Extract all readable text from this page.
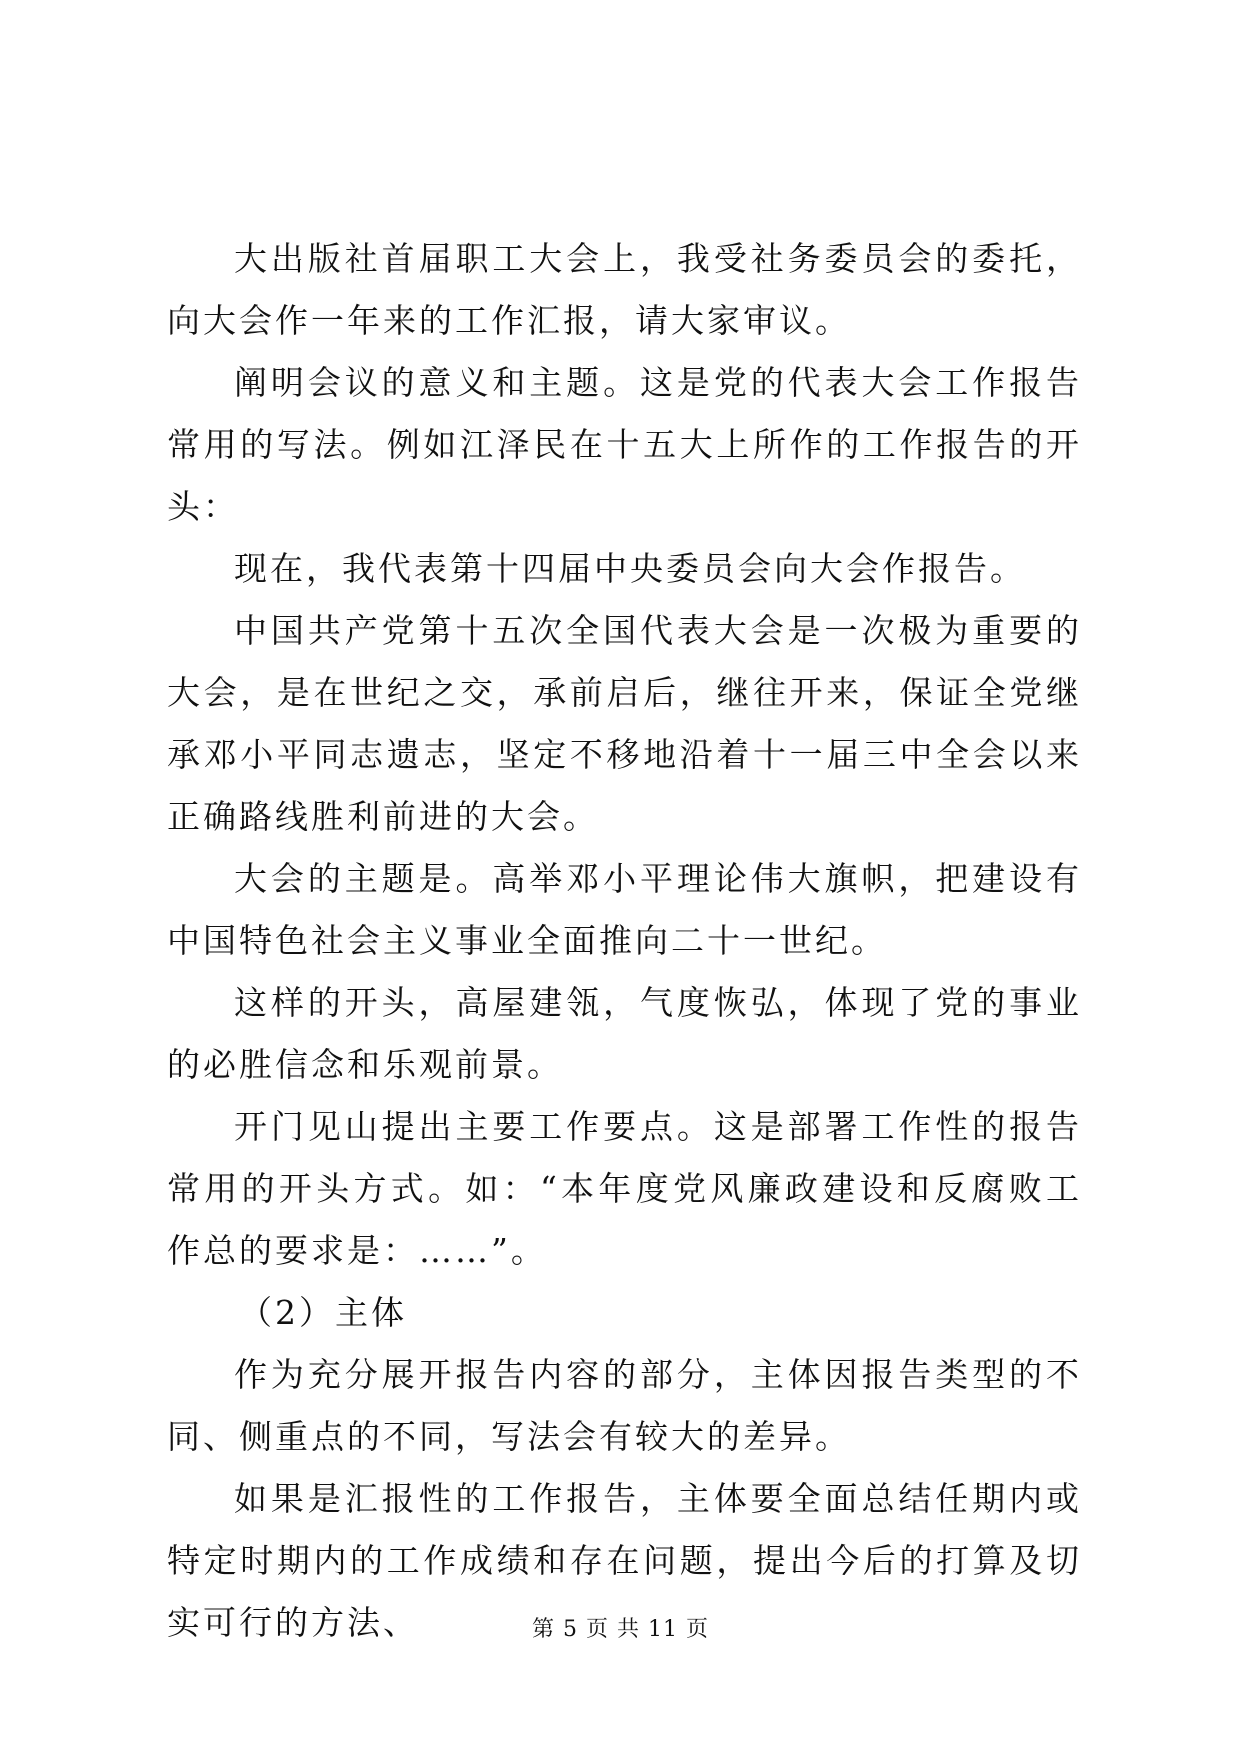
大出版社首届职工大会上，我受社务委员会的委托，向大会作一年来的工作汇报，请大家审议。

阐明会议的意义和主题。这是党的代表大会工作报告常用的写法。例如江泽民在十五大上所作的工作报告的开头：

现在，我代表第十四届中央委员会向大会作报告。

中国共产党第十五次全国代表大会是一次极为重要的大会，是在世纪之交，承前启后，继往开来，保证全党继承邓小平同志遗志，坚定不移地沿着十一届三中全会以来正确路线胜利前进的大会。

大会的主题是。高举邓小平理论伟大旗帜，把建设有中国特色社会主义事业全面推向二十一世纪。

这样的开头，高屋建瓴，气度恢弘，体现了党的事业的必胜信念和乐观前景。

开门见山提出主要工作要点。这是部署工作性的报告常用的开头方式。如：“本年度党风廉政建设和反腐败工作总的要求是：……”。

（2）主体

作为充分展开报告内容的部分，主体因报告类型的不同、侧重点的不同，写法会有较大的差异。

如果是汇报性的工作报告，主体要全面总结任期内或特定时期内的工作成绩和存在问题，提出今后的打算及切实可行的方法、	第 5 页 共 11 页
